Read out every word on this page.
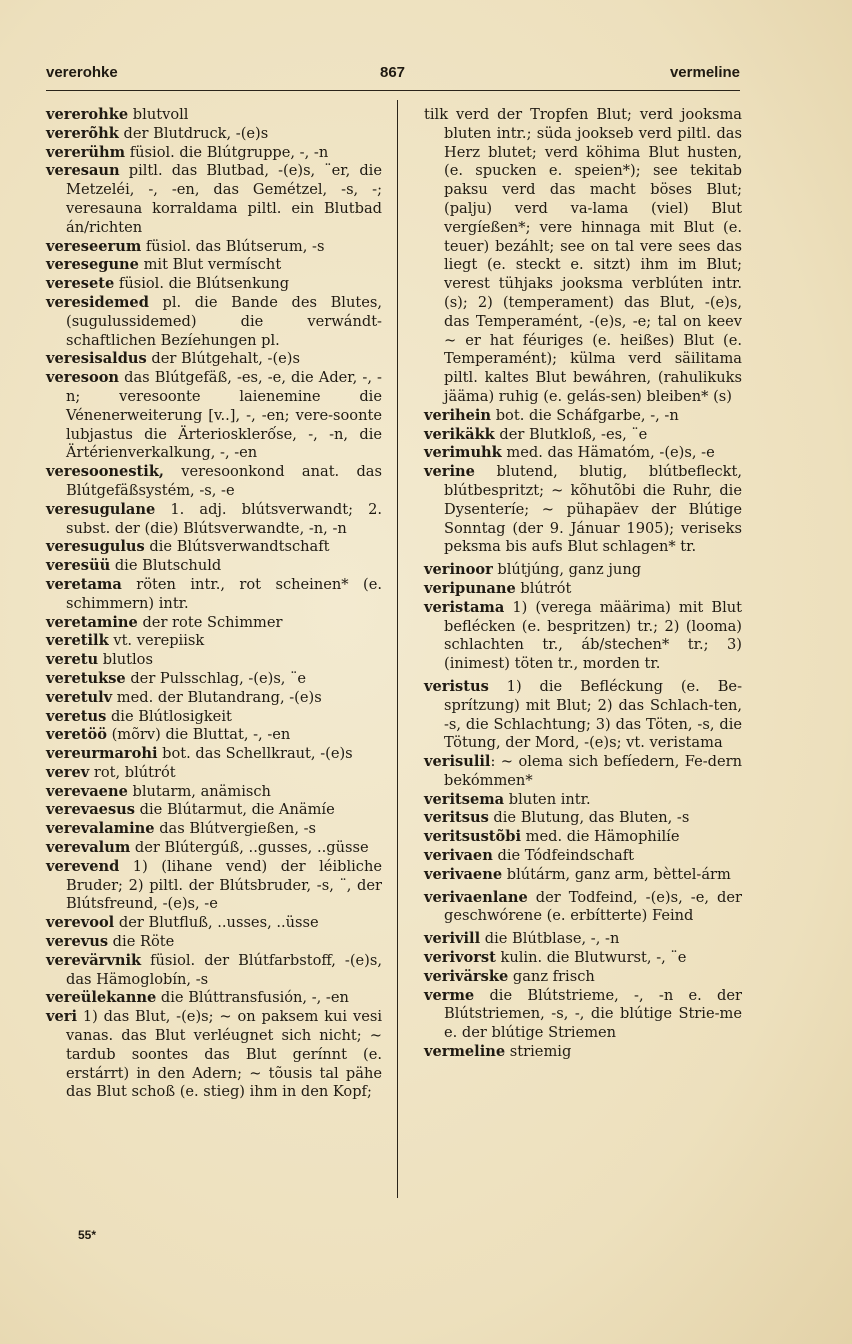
vererohke	867	vermeline
vererohke blutvoll
vererõhk der Blutdruck, -(e)s
vererühm füsiol. die Blútgruppe, -, -n
veresaun piltl. das Blutbad, -(e)s, ¨er, die Metzeléi, -, -en, das Gemétzel, -s, -; veresauna korraldama piltl. ein Blutbad án/richten
vereseerum füsiol. das Blútserum, -s
veresegune mit Blut vermíscht
veresete füsiol. die Blútsenkung
veresidemed pl. die Bande des Blutes, (sugulussidemed) die verwándt-schaftlichen Bezíehungen pl.
veresisaldus der Blútgehalt, -(e)s
veresoon das Blútgefäß, -es, -e, die Ader, -, -n; veresoonte laienemine die Vénenerweiterung [v..], -, -en; vere-soonte lubjastus die Ärteriosklerốse, -, -n, die Ärtérienverkalkung, -, -en
veresoonestik, veresoonkond anat. das Blútgefäßsystém, -s, -e
veresugulane 1. adj. blútsverwandt; 2. subst. der (die) Blútsverwandte, -n, -n
veresugulus die Blútsverwandtschaft
veresüü die Blutschuld
veretama röten intr., rot scheinen* (e. schimmern) intr.
veretamine der rote Schimmer
veretilk vt. verepiisk
veretu blutlos
veretukse der Pulsschlag, -(e)s, ¨e
veretulv med. der Blutandrang, -(e)s
veretus die Blútlosigkeit
veretöö (mõrv) die Bluttat, -, -en
vereurmarohi bot. das Schellkraut, -(e)s
verev rot, blútrót
verevaene blutarm, anämisch
verevaesus die Blútarmut, die Anämíe
verevalamine das Blútvergießen, -s
verevalum der Blútergúß, ..gusses, ..güsse
verevend 1) (lihane vend) der léibliche Bruder; 2) piltl. der Blútsbruder, -s, ¨, der Blútsfreund, -(e)s, -e
verevool der Blutfluß, ..usses, ..üsse
verevus die Röte
verevärvnik füsiol. der Blútfarbstoff, -(e)s, das Hämoglobín, -s
vereülekanne die Blúttransfusión, -, -en
veri 1) das Blut, -(e)s; ~ on paksem kui vesi vanas. das Blut verléugnet sich nicht; ~ tardub soontes das Blut gerínnt (e. erstárrt) in den Adern; ~ tõusis tal pähe das Blut schoß (e. stieg) ihm in den Kopf;
tilk verd der Tropfen Blut; verd jooksma bluten intr.; süda jookseb verd piltl. das Herz blutet; verd köhima Blut husten, (e. spucken e. speien*); see tekitab paksu verd das macht böses Blut; (palju) verd va-lama (viel) Blut vergíeßen*; vere hinnaga mit Blut (e. teuer) bezáhlt; see on tal vere sees das liegt (e. steckt e. sitzt) ihm im Blut; verest tühjaks jooksma verblúten intr. (s); 2) (temperament) das Blut, -(e)s, das Temperamént, -(e)s, -e; tal on keev ~ er hat féuriges (e. heißes) Blut (e. Temperamént); külma verd säilitama piltl. kaltes Blut bewáhren, (rahulikuks jääma) ruhig (e. gelás-sen) bleiben* (s)
verihein bot. die Scháfgarbe, -, -n
verikäkk der Blutkloß, -es, ¨e
verimuhk med. das Hämatóm, -(e)s, -e
verine blutend, blutig, blútbefleckt, blútbespritzt; ~ kõhutõbi die Ruhr, die Dysenteríe; ~ pühapäev der Blútige Sonntag (der 9. Jánuar 1905); veriseks peksma bis aufs Blut schlagen* tr.
verinoor blútjúng, ganz jung
veripunane blútrót
veristama 1) (verega määrima) mit Blut beflécken (e. bespritzen) tr.; 2) (looma) schlachten tr., áb/stechen* tr.; 3) (inimest) töten tr., morden tr.
veristus 1) die Befléckung (e. Be-sprítzung) mit Blut; 2) das Schlach-ten, -s, die Schlachtung; 3) das Töten, -s, die Tötung, der Mord, -(e)s; vt. veristama
verisulil: ~ olema sich befíedern, Fe-dern bekómmen*
veritsema bluten intr.
veritsus die Blutung, das Bluten, -s
veritsustõbi med. die Hämophilíe
verivaen die Tódfeindschaft
verivaene blútárm, ganz arm, bèttel-árm
verivaenlane der Todfeind, -(e)s, -e, der geschwórene (e. erbítterte) Feind
verivill die Blútblase, -, -n
verivorst kulin. die Blutwurst, -, ¨e
verivärske ganz frisch
verme die Blútstrieme, -, -n e. der Blútstriemen, -s, -, die blútige Strie-me e. der blútige Striemen
vermeline striemig
55*
